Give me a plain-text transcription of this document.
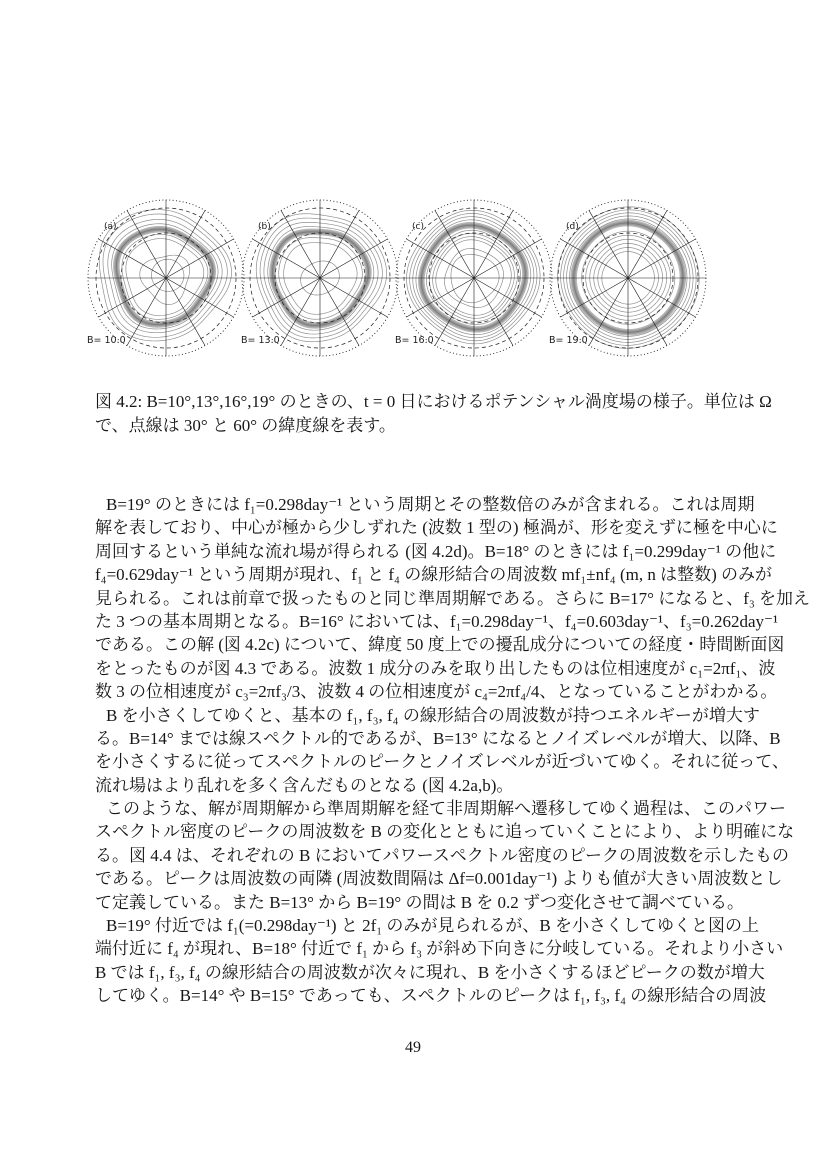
(a)
B= 10.0
(b)
B= 13.0
(c)
B= 16.0
(d)
B= 19.0
図 4.2: B=10°,13°,16°,19° のときの、t = 0 日におけるポテンシャル渦度場の様子。単位は Ω
で、点線は 30° と 60° の緯度線を表す。
B=19° のときには f₁=0.298day⁻¹ という周期とその整数倍のみが含まれる。これは周期
解を表しており、中心が極から少しずれた (波数 1 型の) 極渦が、形を変えずに極を中心に
周回するという単純な流れ場が得られる (図 4.2d)。B=18° のときには f₁=0.299day⁻¹ の他に
f₄=0.629day⁻¹ という周期が現れ、f₁ と f₄ の線形結合の周波数 mf₁±nf₄ (m, n は整数) のみが
見られる。これは前章で扱ったものと同じ準周期解である。さらに B=17° になると、f₃ を加え
た 3 つの基本周期となる。B=16° においては、f₁=0.298day⁻¹、f₄=0.603day⁻¹、f₃=0.262day⁻¹
である。この解 (図 4.2c) について、緯度 50 度上での擾乱成分についての経度・時間断面図
をとったものが図 4.3 である。波数 1 成分のみを取り出したものは位相速度が c₁=2πf₁、波
数 3 の位相速度が c₃=2πf₃/3、波数 4 の位相速度が c₄=2πf₄/4、となっていることがわかる。
B を小さくしてゆくと、基本の f₁, f₃, f₄ の線形結合の周波数が持つエネルギーが増大す
る。B=14° までは線スペクトル的であるが、B=13° になるとノイズレベルが増大、以降、B
を小さくするに従ってスペクトルのピークとノイズレベルが近づいてゆく。それに従って、
流れ場はより乱れを多く含んだものとなる (図 4.2a,b)。
このような、解が周期解から準周期解を経て非周期解へ遷移してゆく過程は、このパワー
スペクトル密度のピークの周波数を B の変化とともに追っていくことにより、より明確にな
る。図 4.4 は、それぞれの B においてパワースペクトル密度のピークの周波数を示したもの
である。ピークは周波数の両隣 (周波数間隔は Δf=0.001day⁻¹) よりも値が大きい周波数とし
て定義している。また B=13° から B=19° の間は B を 0.2 ずつ変化させて調べている。
B=19° 付近では f₁(=0.298day⁻¹) と 2f₁ のみが見られるが、B を小さくしてゆくと図の上
端付近に f₄ が現れ、B=18° 付近で f₁ から f₃ が斜め下向きに分岐している。それより小さい
B では f₁, f₃, f₄ の線形結合の周波数が次々に現れ、B を小さくするほどピークの数が増大
してゆく。B=14° や B=15° であっても、スペクトルのピークは f₁, f₃, f₄ の線形結合の周波
49
